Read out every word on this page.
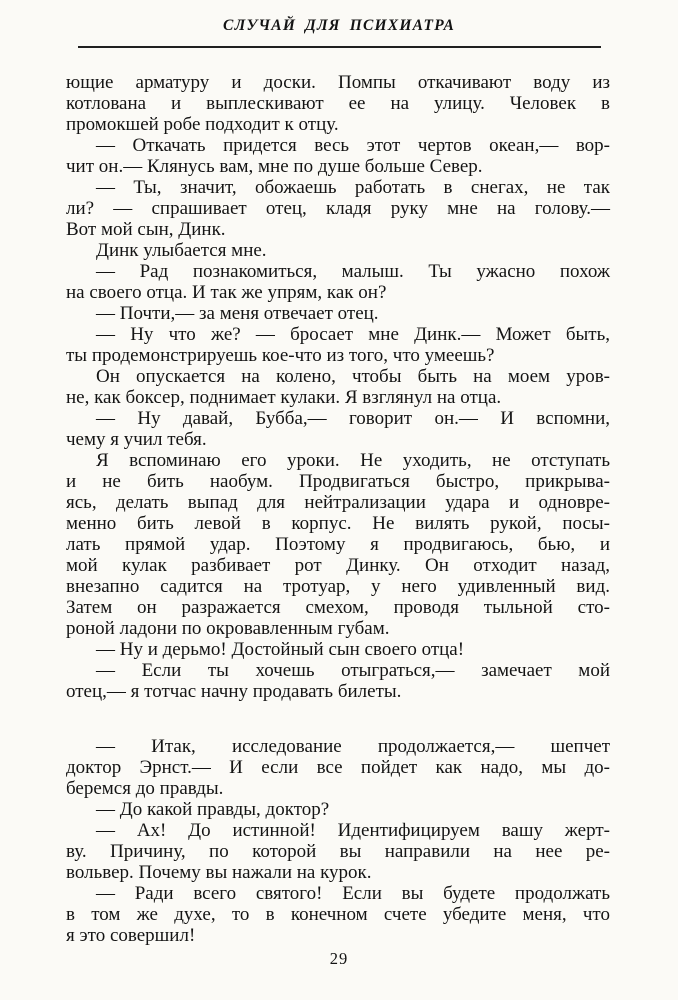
СЛУЧАЙ ДЛЯ ПСИХИАТРА
ющие арматуру и доски. Помпы откачивают воду из
котлована и выплескивают ее на улицу. Человек в
промокшей робе подходит к отцу.
— Откачать придется весь этот чертов океан,— вор-
чит он.— Клянусь вам, мне по душе больше Север.
— Ты, значит, обожаешь работать в снегах, не так
ли? — спрашивает отец, кладя руку мне на голову.—
Вот мой сын, Динк.
Динк улыбается мне.
— Рад познакомиться, малыш. Ты ужасно похож
на своего отца. И так же упрям, как он?
— Почти,— за меня отвечает отец.
— Ну что же? — бросает мне Динк.— Может быть,
ты продемонстрируешь кое-что из того, что умеешь?
Он опускается на колено, чтобы быть на моем уров-
не, как боксер, поднимает кулаки. Я взглянул на отца.
— Ну давай, Бубба,— говорит он.— И вспомни,
чему я учил тебя.
Я вспоминаю его уроки. Не уходить, не отступать
и не бить наобум. Продвигаться быстро, прикрыва-
ясь, делать выпад для нейтрализации удара и одновре-
менно бить левой в корпус. Не вилять рукой, посы-
лать прямой удар. Поэтому я продвигаюсь, бью, и
мой кулак разбивает рот Динку. Он отходит назад,
внезапно садится на тротуар, у него удивленный вид.
Затем он разражается смехом, проводя тыльной сто-
роной ладони по окровавленным губам.
— Ну и дерьмо! Достойный сын своего отца!
— Если ты хочешь отыграться,— замечает мой
отец,— я тотчас начну продавать билеты.
— Итак, исследование продолжается,— шепчет
доктор Эрнст.— И если все пойдет как надо, мы до-
беремся до правды.
— До какой правды, доктор?
— Ах! До истинной! Идентифицируем вашу жерт-
ву. Причину, по которой вы направили на нее ре-
вольвер. Почему вы нажали на курок.
— Ради всего святого! Если вы будете продолжать
в том же духе, то в конечном счете убедите меня, что
я это совершил!
29
